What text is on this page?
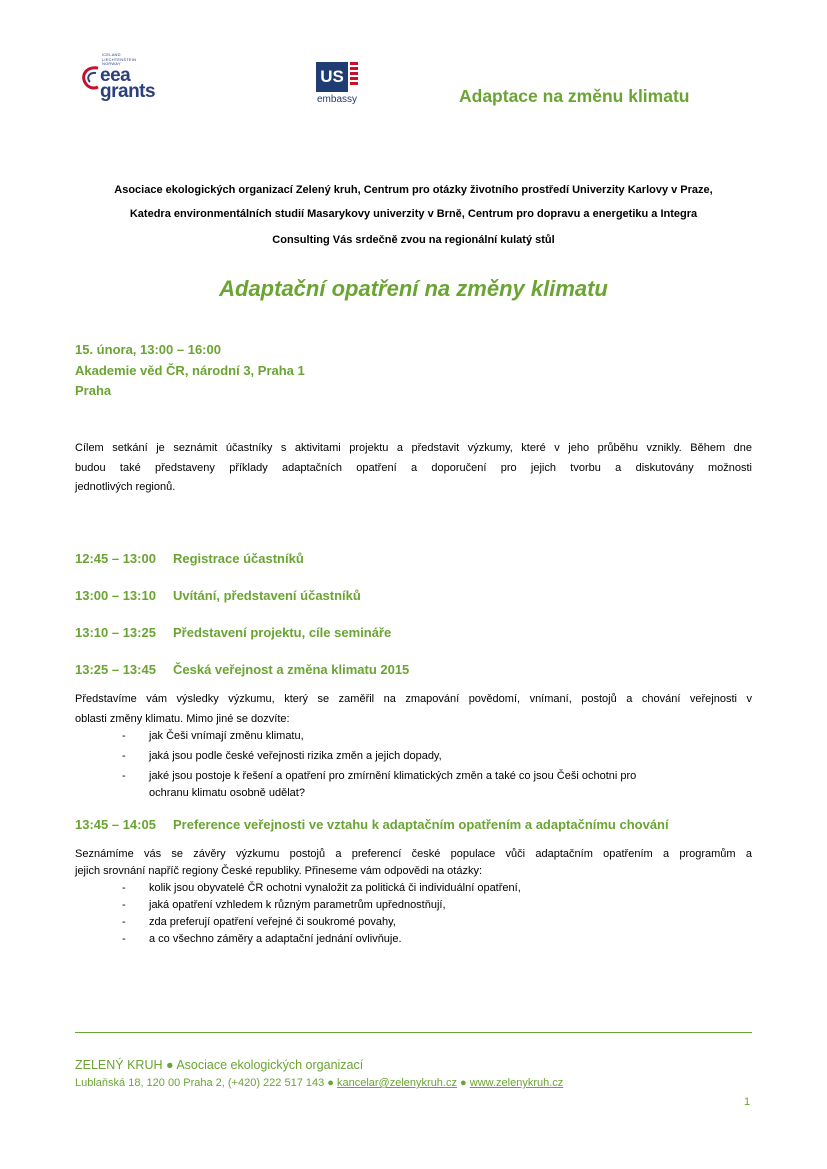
ICELAND
LIECHTENSTEIN
NORWAY
eea
grants
US
embassy	Adaptace na změnu klimatu
Asociace ekologických organizací Zelený kruh, Centrum pro otázky životního prostředí Univerzity Karlovy v Praze,
Katedra environmentálních studií Masarykovy univerzity v Brně, Centrum pro dopravu a energetiku a Integra
Consulting Vás srdečně zvou na regionální kulatý stůl
Adaptační opatření na změny klimatu
15. února, 13:00 – 16:00
Akademie věd ČR, národní 3, Praha 1
Praha
Cílem setkání je seznámit účastníky s aktivitami projektu a představit výzkumy, které v jeho průběhu vznikly. Během dne
budou také představeny příklady adaptačních opatření a doporučení pro jejich tvorbu a diskutovány možnosti
jednotlivých regionů.
12:45 – 13:00 Registrace účastníků
13:00 – 13:10 Uvítání, představení účastníků
13:10 – 13:25 Představení projektu, cíle semináře
13:25 – 13:45 Česká veřejnost a změna klimatu 2015
Představíme vám výsledky výzkumu, který se zaměřil na zmapování povědomí, vnímaní, postojů a chování veřejnosti v
oblasti změny klimatu. Mimo jiné se dozvíte:
- jak Češi vnímají změnu klimatu,
- jaká jsou podle české veřejnosti rizika změn a jejich dopady,
- jaké jsou postoje k řešení a opatření pro zmírnění klimatických změn a také co jsou Češi ochotni pro
ochranu klimatu osobně udělat?
13:45 – 14:05 Preference veřejnosti ve vztahu k adaptačním opatřením a adaptačnímu chování
Seznámíme vás se závěry výzkumu postojů a preferencí české populace vůči adaptačním opatřením a programům a
jejich srovnání napříč regiony České republiky. Přineseme vám odpovědi na otázky:
- kolik jsou obyvatelé ČR ochotni vynaložit za politická či individuální opatření,
- jaká opatření vzhledem k různým parametrům upřednostňují,
- zda preferují opatření veřejné či soukromé povahy,
- a co všechno záměry a adaptační jednání ovlivňuje.
ZELENÝ KRUH ● Asociace ekologických organizací
Lublaňská 18, 120 00 Praha 2, (+420) 222 517 143 ● kancelar@zelenykruh.cz ● www.zelenykruh.cz
1
